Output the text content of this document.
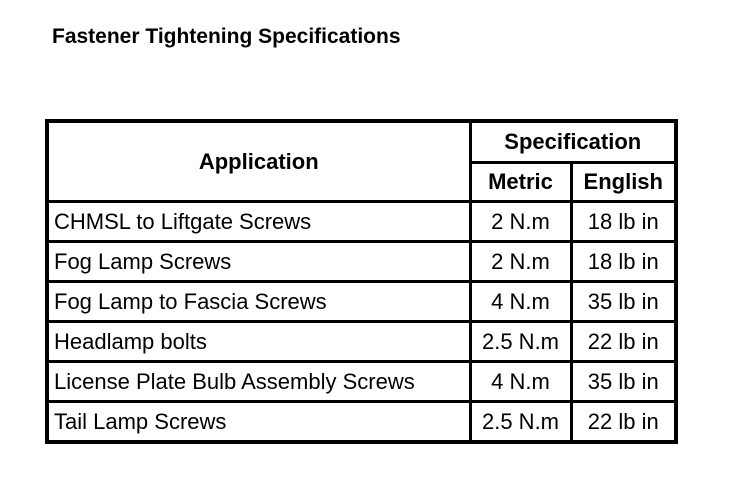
Fastener Tightening Specifications
Application	Specification	
	Metric	English
CHMSL to Liftgate Screws	2 N.m	18 lb in
Fog Lamp Screws	2 N.m	18 lb in
Fog Lamp to Fascia Screws	4 N.m	35 lb in
Headlamp bolts	2.5 N.m	22 lb in
License Plate Bulb Assembly Screws	4 N.m	35 lb in
Tail Lamp Screws	2.5 N.m	22 lb in
